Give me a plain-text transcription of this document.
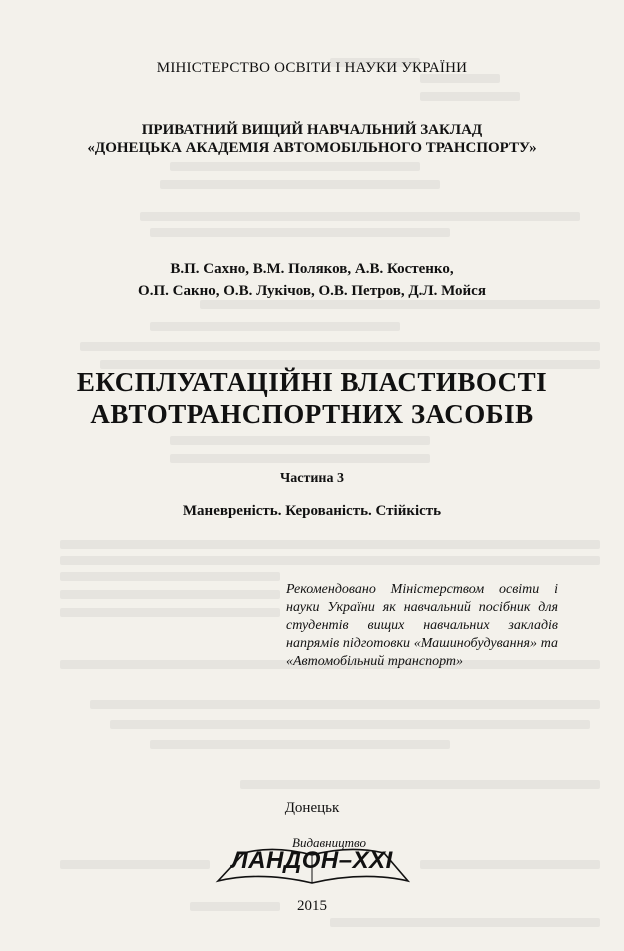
МІНІСТЕРСТВО ОСВІТИ І НАУКИ УКРАЇНИ
ПРИВАТНИЙ ВИЩИЙ НАВЧАЛЬНИЙ ЗАКЛАД
«ДОНЕЦЬКА АКАДЕМІЯ АВТОМОБІЛЬНОГО ТРАНСПОРТУ»
В.П. Сахно, В.М. Поляков, А.В. Костенко,
О.П. Сакно, О.В. Лукічов, О.В. Петров, Д.Л. Мойся
ЕКСПЛУАТАЦІЙНІ ВЛАСТИВОСТІ
АВТОТРАНСПОРТНИХ ЗАСОБІВ
Частина 3
Маневреність. Керованість. Стійкість
Рекомендовано Міністерством освіти і науки України як навчальний посібник для студентів вищих навчальних закладів напрямів підготовки «Машинобудування» та «Автомобільний транспорт»
Донецьк
Видавництво
ЛАНДОН–XXI
2015
